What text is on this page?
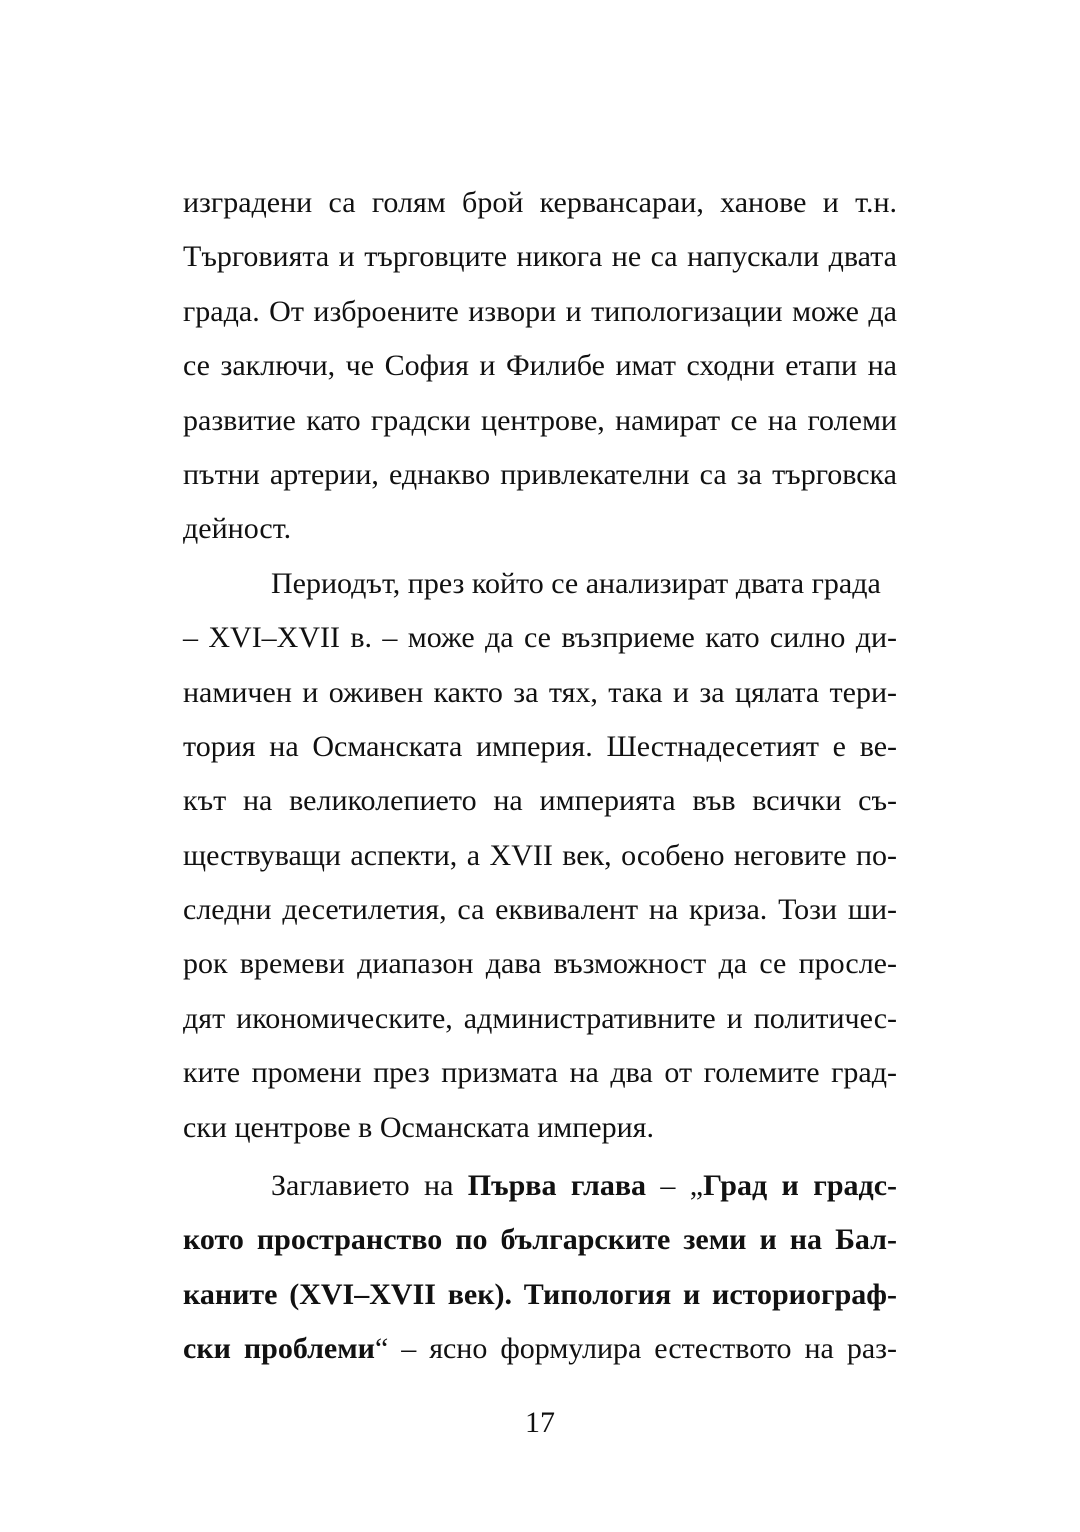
изградени са голям брой кервансараи, ханове и т.н.
Търговията и търговците никога не са напускали двата
града. От изброените извори и типологизации може да
се заключи, че София и Филибе имат сходни етапи на
развитие като градски центрове, намират се на големи
пътни артерии, еднакво привлекателни са за търговска
дейност.
Периодът, през който се анализират двата града
– XVI–XVII в. – може да се възприеме като силно ди-
намичен и оживен както за тях, така и за цялата тери-
тория на Османската империя. Шестнадесетият е ве-
кът на великолепието на империята във всички съ-
ществуващи аспекти, а XVII век, особено неговите по-
следни десетилетия, са еквивалент на криза. Този ши-
рок времеви диапазон дава възможност да се просле-
дят икономическите, административните и политичес-
ките промени през призмата на два от големите град-
ски центрове в Османската империя.
Заглавието на Първа глава – „Град и градс-
кото пространство по българските земи и на Бал-
каните (XVI–XVII век). Типология и историограф-
ски проблеми“ – ясно формулира естеството на раз-
17
